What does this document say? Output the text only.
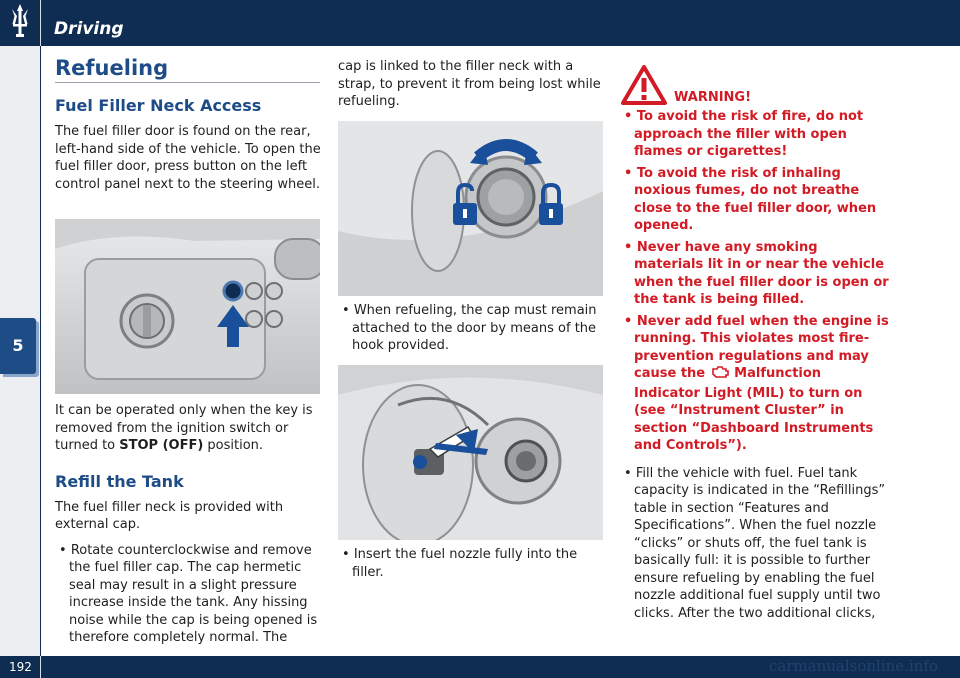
Driving
5
Refueling
Fuel Filler Neck Access

The fuel filler door is found on the rear, left-hand side of the vehicle. To open the fuel filler door, press button on the left control panel next to the steering wheel.

It can be operated only when the key is removed from the ignition switch or turned to STOP (OFF) position.

Refill the Tank

The fuel filler neck is provided with external cap.

• Rotate counterclockwise and remove the fuel filler cap. The cap hermetic seal may result in a slight pressure increase inside the tank. Any hissing noise while the cap is being opened is therefore completely normal. The

cap is linked to the filler neck with a strap, to prevent it from being lost while refueling.

• When refueling, the cap must remain attached to the door by means of the hook provided.
• Insert the fuel nozzle fully into the filler.
WARNING!
• To avoid the risk of fire, do not approach the filler with open flames or cigarettes!
• To avoid the risk of inhaling noxious fumes, do not breathe close to the fuel filler door, when opened.
• Never have any smoking materials lit in or near the vehicle when the fuel filler door is open or the tank is being filled.
• Never add fuel when the engine is running. This violates most fire-prevention regulations and may cause the  Malfunction Indicator Light (MIL) to turn on (see “Instrument Cluster” in section “Dashboard Instruments and Controls”).
• Fill the vehicle with fuel. Fuel tank capacity is indicated in the “Refillings” table in section “Features and Specifications”. When the fuel nozzle “clicks” or shuts off, the fuel tank is basically full: it is possible to further ensure refueling by enabling the fuel nozzle additional fuel supply until two clicks. After the two additional clicks,
192	carmanualsonline.info
